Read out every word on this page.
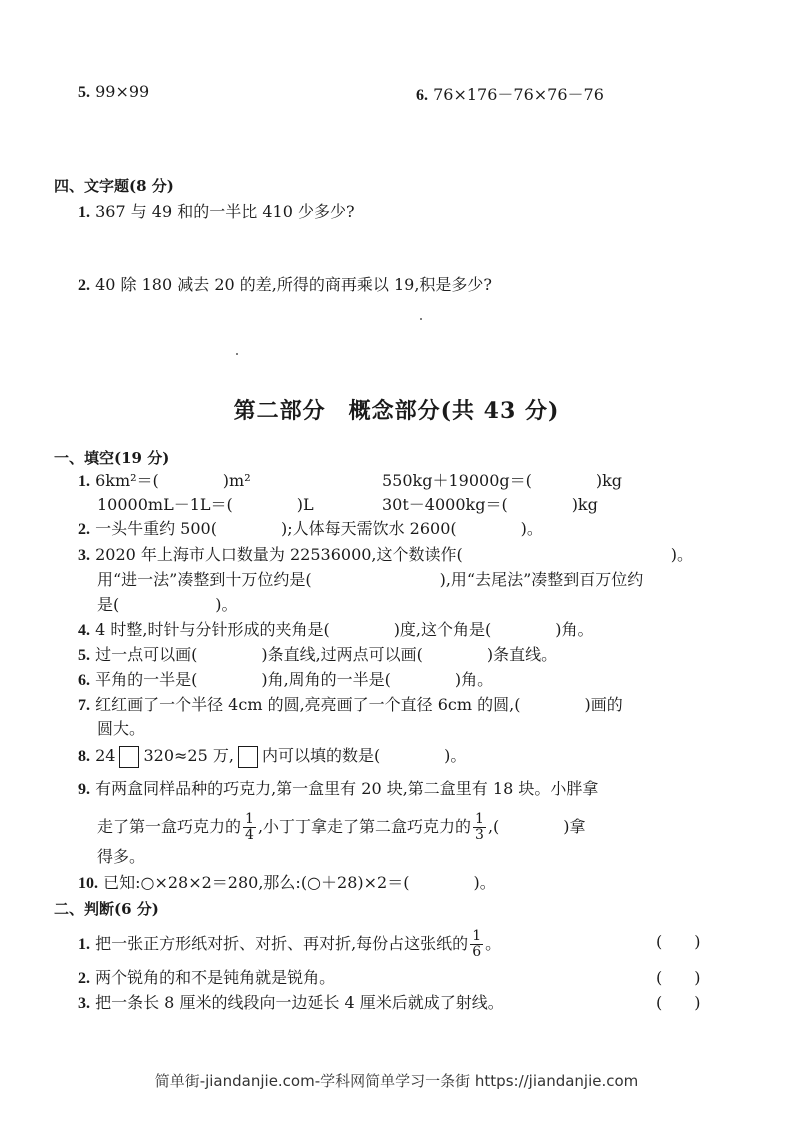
5. 99×99	6. 76×176－76×76－76
四、文字题(8 分)
1. 367 与 49 和的一半比 410 少多少?
2. 40 除 180 减去 20 的差,所得的商再乘以 19,积是多少?
第二部分　概念部分(共 43 分)
一、填空(19 分)
1. 6km²＝(　　　　)m²	550kg＋19000g＝(　　　　)kg
10000mL－1L＝(　　　　)L	30t－4000kg＝(　　　　)kg
2. 一头牛重约 500(　　　　);人体每天需饮水 2600(　　　　)。
3. 2020 年上海市人口数量为 22536000,这个数读作(　　　　　　　　　　　　　)。
用“进一法”凑整到十万位约是(　　　　　　　　),用“去尾法”凑整到百万位约
是(　　　　　　)。
4. 4 时整,时针与分针形成的夹角是(　　　　)度,这个角是(　　　　)角。
5. 过一点可以画(　　　　)条直线,过两点可以画(　　　　)条直线。
6. 平角的一半是(　　　　)角,周角的一半是(　　　　)角。
7. 红红画了一个半径 4cm 的圆,亮亮画了一个直径 6cm 的圆,(　　　　)画的
圆大。
8. 24 320≈25 万, 内可以填的数是(　　　　)。
9. 有两盒同样品种的巧克力,第一盒里有 20 块,第二盒里有 18 块。小胖拿
走了第一盒巧克力的 $\frac{1}{4}$ ,小丁丁拿走了第二盒巧克力的 $\frac{1}{3}$ ,(　　　　)拿
得多。
10. 已知:○×28×2＝280,那么:(○＋28)×2＝(　　　　)。
二、判断(6 分)
1. 把一张正方形纸对折、对折、再对折,每份占这张纸的 $\frac{1}{6}$ 。	(　　)
2. 两个锐角的和不是钝角就是锐角。	(　　)
3. 把一条长 8 厘米的线段向一边延长 4 厘米后就成了射线。	(　　)
简单街-jiandanjie.com-学科网简单学习一条街 https://jiandanjie.com
